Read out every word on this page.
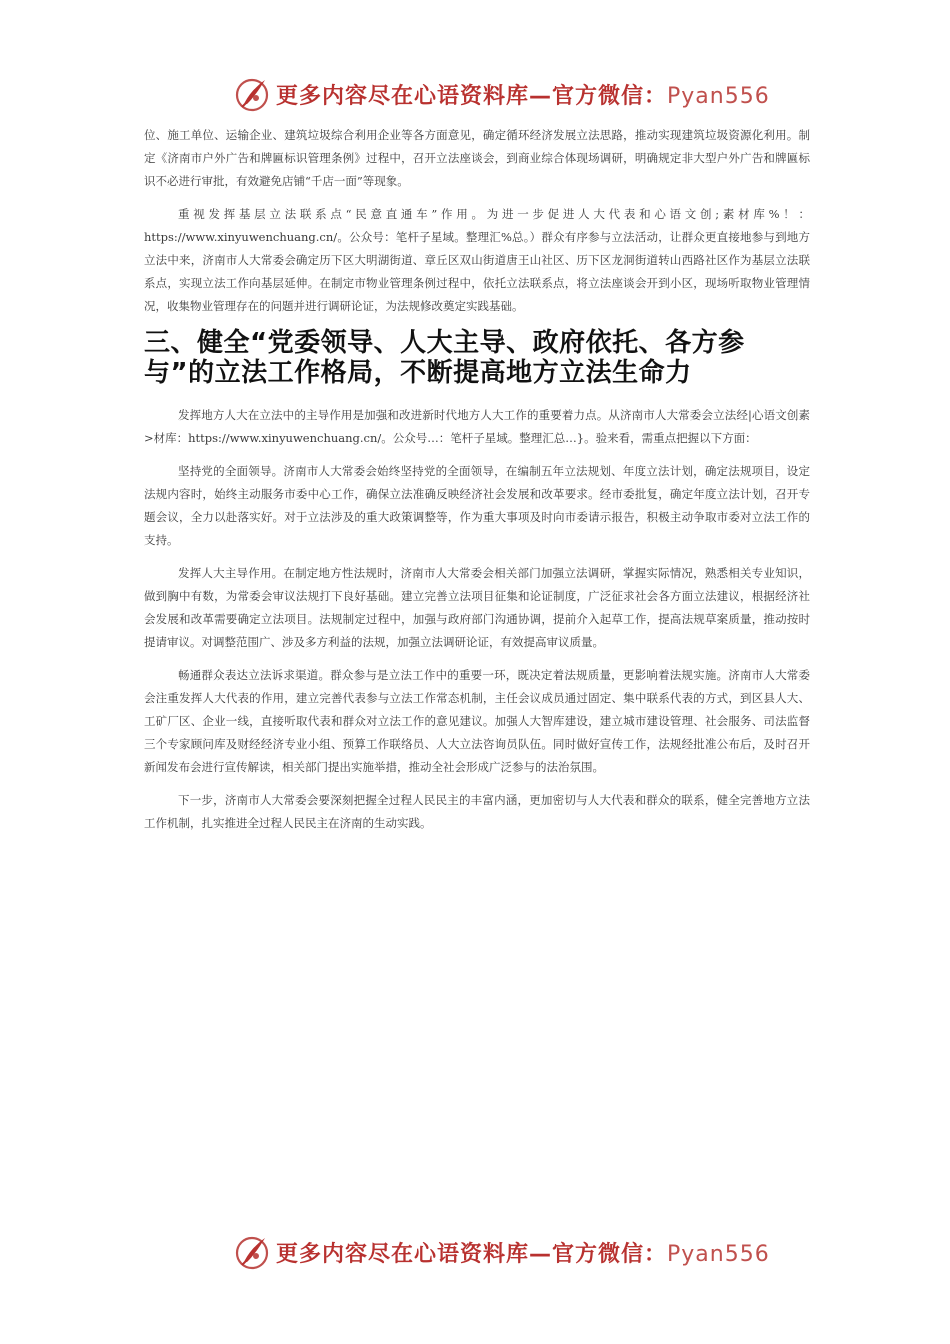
更多内容尽在心语资料库—官方微信：Pyan556

位、施工单位、运输企业、建筑垃圾综合利用企业等各方面意见，确定循环经济发展立法思路，推动实现建筑垃圾资源化利用。制定《济南市户外广告和牌匾标识管理条例》过程中，召开立法座谈会，到商业综合体现场调研，明确规定非大型户外广告和牌匾标识不必进行审批，有效避免店铺“千店一面”等现象。

重视发挥基层立法联系点“民意直通车”作用。为进一步促进人大代表和心语文创;素材库%！：https://www.xinyuwenchuang.cn/。公众号：笔杆子星域。整理汇%总。）群众有序参与立法活动，让群众更直接地参与到地方立法中来，济南市人大常委会确定历下区大明湖街道、章丘区双山街道唐王山社区、历下区龙洞街道转山西路社区作为基层立法联系点，实现立法工作向基层延伸。在制定市物业管理条例过程中，依托立法联系点，将立法座谈会开到小区，现场听取物业管理情况，收集物业管理存在的问题并进行调研论证，为法规修改奠定实践基础。

三、健全“党委领导、人大主导、政府依托、各方参与”的立法工作格局，不断提高地方立法生命力

发挥地方人大在立法中的主导作用是加强和改进新时代地方人大工作的重要着力点。从济南市人大常委会立法经|心语文创素>材库：https://www.xinyuwenchuang.cn/。公众号…：笔杆子星域。整理汇总…}。验来看，需重点把握以下方面：

坚持党的全面领导。济南市人大常委会始终坚持党的全面领导，在编制五年立法规划、年度立法计划，确定法规项目，设定法规内容时，始终主动服务市委中心工作，确保立法准确反映经济社会发展和改革要求。经市委批复，确定年度立法计划，召开专题会议，全力以赴落实好。对于立法涉及的重大政策调整等，作为重大事项及时向市委请示报告，积极主动争取市委对立法工作的支持。

发挥人大主导作用。在制定地方性法规时，济南市人大常委会相关部门加强立法调研，掌握实际情况，熟悉相关专业知识，做到胸中有数，为常委会审议法规打下良好基础。建立完善立法项目征集和论证制度，广泛征求社会各方面立法建议，根据经济社会发展和改革需要确定立法项目。法规制定过程中，加强与政府部门沟通协调，提前介入起草工作，提高法规草案质量，推动按时提请审议。对调整范围广、涉及多方利益的法规，加强立法调研论证，有效提高审议质量。

畅通群众表达立法诉求渠道。群众参与是立法工作中的重要一环，既决定着法规质量，更影响着法规实施。济南市人大常委会注重发挥人大代表的作用，建立完善代表参与立法工作常态机制，主任会议成员通过固定、集中联系代表的方式，到区县人大、工矿厂区、企业一线，直接听取代表和群众对立法工作的意见建议。加强人大智库建设，建立城市建设管理、社会服务、司法监督三个专家顾问库及财经经济专业小组、预算工作联络员、人大立法咨询员队伍。同时做好宣传工作，法规经批准公布后，及时召开新闻发布会进行宣传解读，相关部门提出实施举措，推动全社会形成广泛参与的法治氛围。

下一步，济南市人大常委会要深刻把握全过程人民民主的丰富内涵，更加密切与人大代表和群众的联系，健全完善地方立法工作机制，扎实推进全过程人民民主在济南的生动实践。

更多内容尽在心语资料库—官方微信：Pyan556
